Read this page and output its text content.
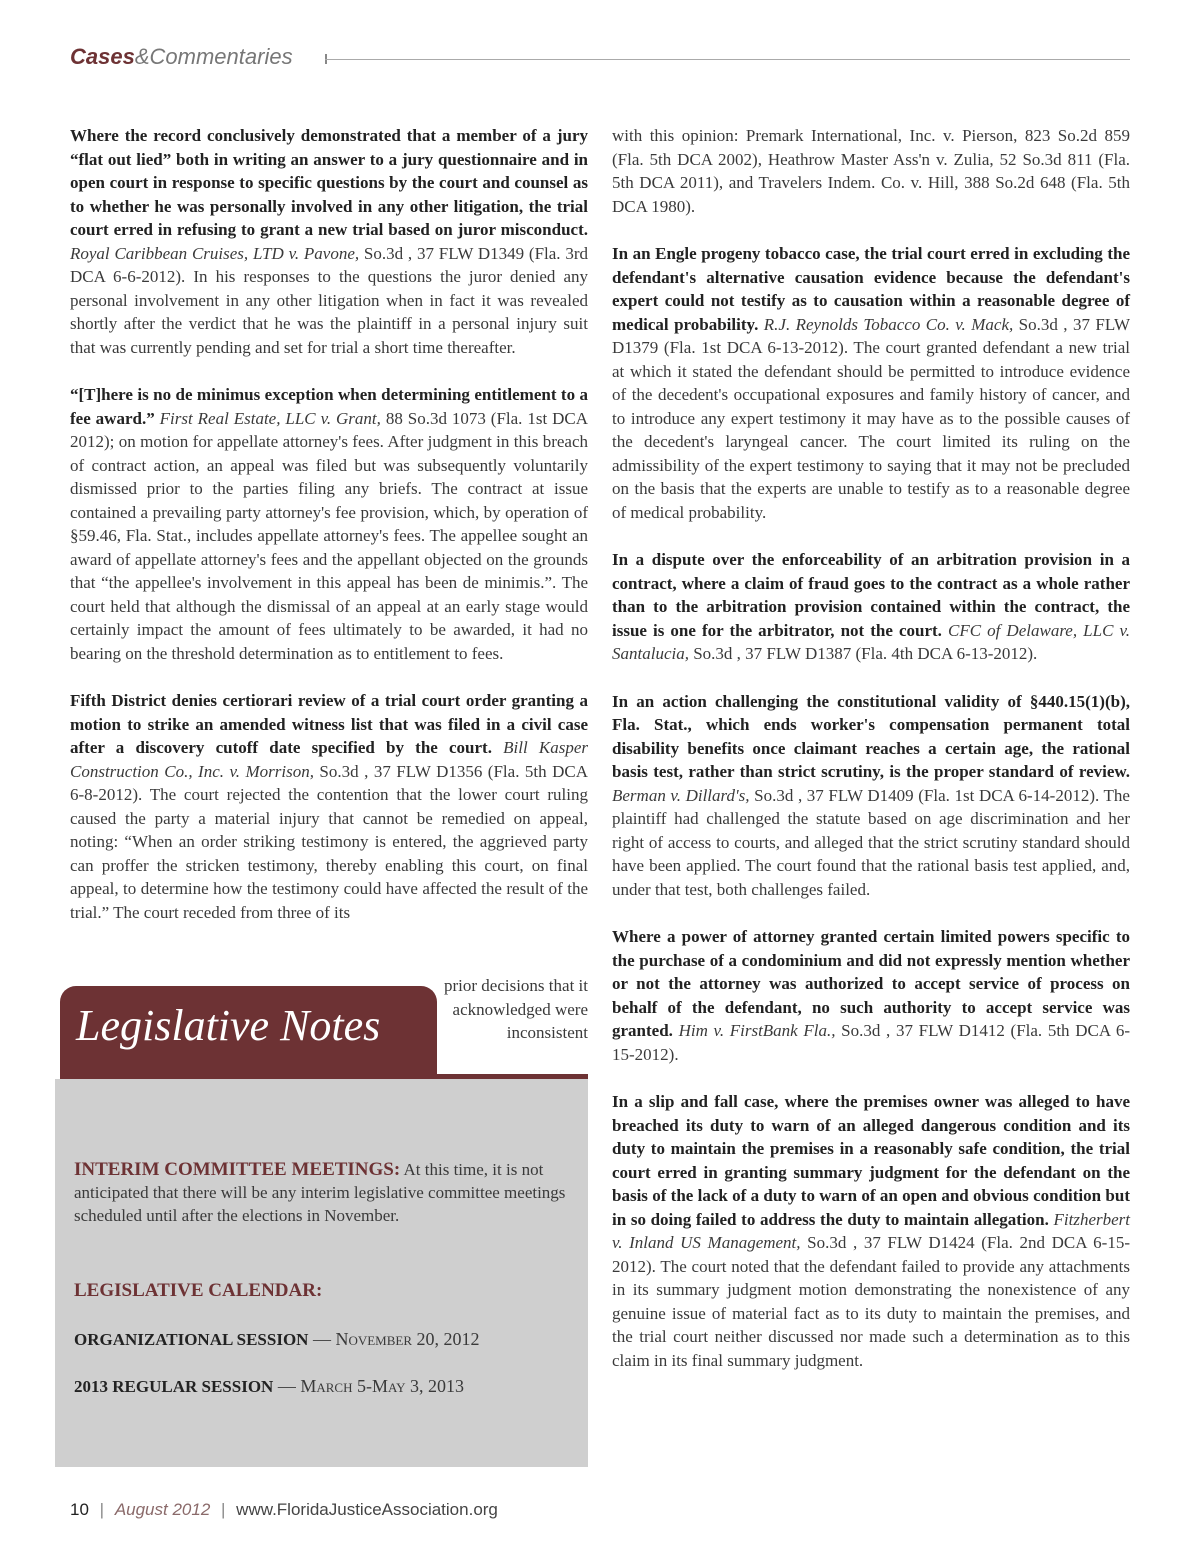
Cases&Commentaries

Where the record conclusively demonstrated that a member of a jury “flat out lied” both in writing an answer to a jury questionnaire and in open court in response to specific questions by the court and counsel as to whether he was personally involved in any other litigation, the trial court erred in refusing to grant a new trial based on juror misconduct. Royal Caribbean Cruises, LTD v. Pavone, So.3d , 37 FLW D1349 (Fla. 3rd DCA 6-6-2012). In his responses to the questions the juror denied any personal involvement in any other litigation when in fact it was revealed shortly after the verdict that he was the plaintiff in a personal injury suit that was currently pending and set for trial a short time thereafter.

“[T]here is no de minimus exception when determining entitlement to a fee award.” First Real Estate, LLC v. Grant, 88 So.3d 1073 (Fla. 1st DCA 2012); on motion for appellate attorney's fees. After judgment in this breach of contract action, an appeal was filed but was subsequently voluntarily dismissed prior to the parties filing any briefs. The contract at issue contained a prevailing party attorney's fee provision, which, by operation of §59.46, Fla. Stat., includes appellate attorney's fees. The appellee sought an award of appellate attorney's fees and the appellant objected on the grounds that “the appellee's involvement in this appeal has been de minimis.”. The court held that although the dismissal of an appeal at an early stage would certainly impact the amount of fees ultimately to be awarded, it had no bearing on the threshold determination as to entitlement to fees.

Fifth District denies certiorari review of a trial court order granting a motion to strike an amended witness list that was filed in a civil case after a discovery cutoff date specified by the court. Bill Kasper Construction Co., Inc. v. Morrison, So.3d , 37 FLW D1356 (Fla. 5th DCA 6-8-2012). The court rejected the contention that the lower court ruling caused the party a material injury that cannot be remedied on appeal, noting: “When an order striking testimony is entered, the aggrieved party can proffer the stricken testimony, thereby enabling this court, on final appeal, to determine how the testimony could have affected the result of the trial.” The court receded from three of its

prior decisions that it acknowledged were inconsistent
Legislative Notes

INTERIM COMMITTEE MEETINGS: At this time, it is not anticipated that there will be any interim legislative committee meetings scheduled until after the elections in November.

LEGISLATIVE CALENDAR:

ORGANIZATIONAL SESSION — November 20, 2012

2013 REGULAR SESSION — March 5-May 3, 2013

with this opinion: Premark International, Inc. v. Pierson, 823 So.2d 859 (Fla. 5th DCA 2002), Heathrow Master Ass'n v. Zulia, 52 So.3d 811 (Fla. 5th DCA 2011), and Travelers Indem. Co. v. Hill, 388 So.2d 648 (Fla. 5th DCA 1980).

In an Engle progeny tobacco case, the trial court erred in excluding the defendant's alternative causation evidence because the defendant's expert could not testify as to causation within a reasonable degree of medical probability. R.J. Reynolds Tobacco Co. v. Mack, So.3d , 37 FLW D1379 (Fla. 1st DCA 6-13-2012). The court granted defendant a new trial at which it stated the defendant should be permitted to introduce evidence of the decedent's occupational exposures and family history of cancer, and to introduce any expert testimony it may have as to the possible causes of the decedent's laryngeal cancer. The court limited its ruling on the admissibility of the expert testimony to saying that it may not be precluded on the basis that the experts are unable to testify as to a reasonable degree of medical probability.

In a dispute over the enforceability of an arbitration provision in a contract, where a claim of fraud goes to the contract as a whole rather than to the arbitration provision contained within the contract, the issue is one for the arbitrator, not the court. CFC of Delaware, LLC v. Santalucia, So.3d , 37 FLW D1387 (Fla. 4th DCA 6-13-2012).

In an action challenging the constitutional validity of §440.15(1)(b), Fla. Stat., which ends worker's compensation permanent total disability benefits once claimant reaches a certain age, the rational basis test, rather than strict scrutiny, is the proper standard of review. Berman v. Dillard's, So.3d , 37 FLW D1409 (Fla. 1st DCA 6-14-2012). The plaintiff had challenged the statute based on age discrimination and her right of access to courts, and alleged that the strict scrutiny standard should have been applied. The court found that the rational basis test applied, and, under that test, both challenges failed.

Where a power of attorney granted certain limited powers specific to the purchase of a condominium and did not expressly mention whether or not the attorney was authorized to accept service of process on behalf of the defendant, no such authority to accept service was granted. Him v. FirstBank Fla., So.3d , 37 FLW D1412 (Fla. 5th DCA 6-15-2012).

In a slip and fall case, where the premises owner was alleged to have breached its duty to warn of an alleged dangerous condition and its duty to maintain the premises in a reasonably safe condition, the trial court erred in granting summary judgment for the defendant on the basis of the lack of a duty to warn of an open and obvious condition but in so doing failed to address the duty to maintain allegation. Fitzherbert v. Inland US Management, So.3d , 37 FLW D1424 (Fla. 2nd DCA 6-15-2012). The court noted that the defendant failed to provide any attachments in its summary judgment motion demonstrating the nonexistence of any genuine issue of material fact as to its duty to maintain the premises, and the trial court neither discussed nor made such a determination as to this claim in its final summary judgment.

10 | August 2012 | www.FloridaJusticeAssociation.org
